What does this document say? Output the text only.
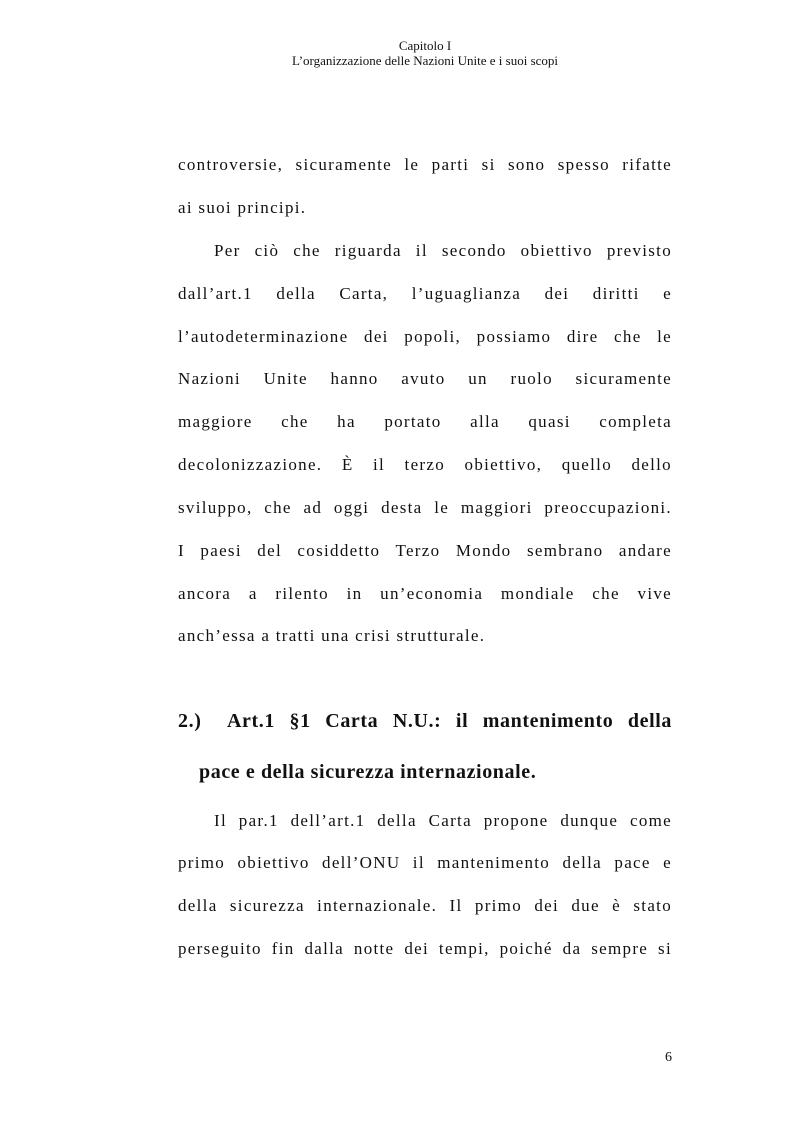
Capitolo I
L’organizzazione delle Nazioni Unite e i suoi scopi
controversie, sicuramente le parti si sono spesso rifatte
ai suoi principi.
Per ciò che riguarda il secondo obiettivo previsto
dall’art.1 della Carta, l’uguaglianza dei diritti e
l’autodeterminazione dei popoli, possiamo dire che le
Nazioni Unite hanno avuto un ruolo sicuramente
maggiore che ha portato alla quasi completa
decolonizzazione. È il terzo obiettivo, quello dello
sviluppo, che ad oggi desta le maggiori preoccupazioni.
I paesi del cosiddetto Terzo Mondo sembrano andare
ancora a rilento in un’economia mondiale che vive
anch’essa a tratti una crisi strutturale.
2.) Art.1 §1 Carta N.U.: il mantenimento della
pace e della sicurezza internazionale.
Il par.1 dell’art.1 della Carta propone dunque come
primo obiettivo dell’ONU il mantenimento della pace e
della sicurezza internazionale. Il primo dei due è stato
perseguito fin dalla notte dei tempi, poiché da sempre si
6
